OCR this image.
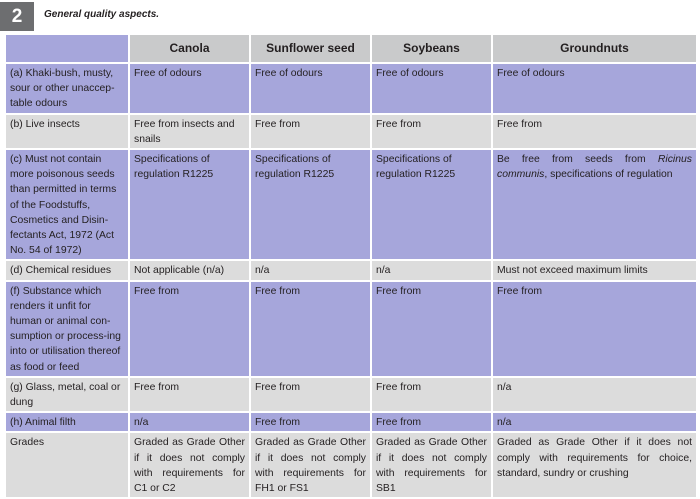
2	General quality aspects.
	Canola	Sunflower seed	Soybeans	Groundnuts
(a) Khaki-bush, musty, sour or other unaccep-table odours	Free of odours	Free of odours	Free of odours	Free of odours
(b) Live insects	Free from insects and snails	Free from	Free from	Free from
(c) Must not contain more poisonous seeds than permitted in terms of the Foodstuffs, Cosmetics and Disin-fectants Act, 1972 (Act No. 54 of 1972)	Specifications of regulation R1225	Specifications of regulation R1225	Specifications of regulation R1225	Be free from seeds from Ricinus communis, specifications of regulation
(d) Chemical residues	Not applicable (n/a)	n/a	n/a	Must not exceed maximum limits
(f) Substance which renders it unfit for human or animal con-sumption or process-ing into or utilisation thereof as food or feed	Free from	Free from	Free from	Free from
(g) Glass, metal, coal or dung	Free from	Free from	Free from	n/a
(h) Animal filth	n/a	Free from	Free from	n/a
Grades	Graded as Grade Other if it does not comply with requirements for C1 or C2	Graded as Grade Other if it does not comply with requirements for FH1 or FS1	Graded as Grade Other if it does not comply with requirements for SB1	Graded as Grade Other if it does not comply with requirements for choice, standard, sundry or crushing
